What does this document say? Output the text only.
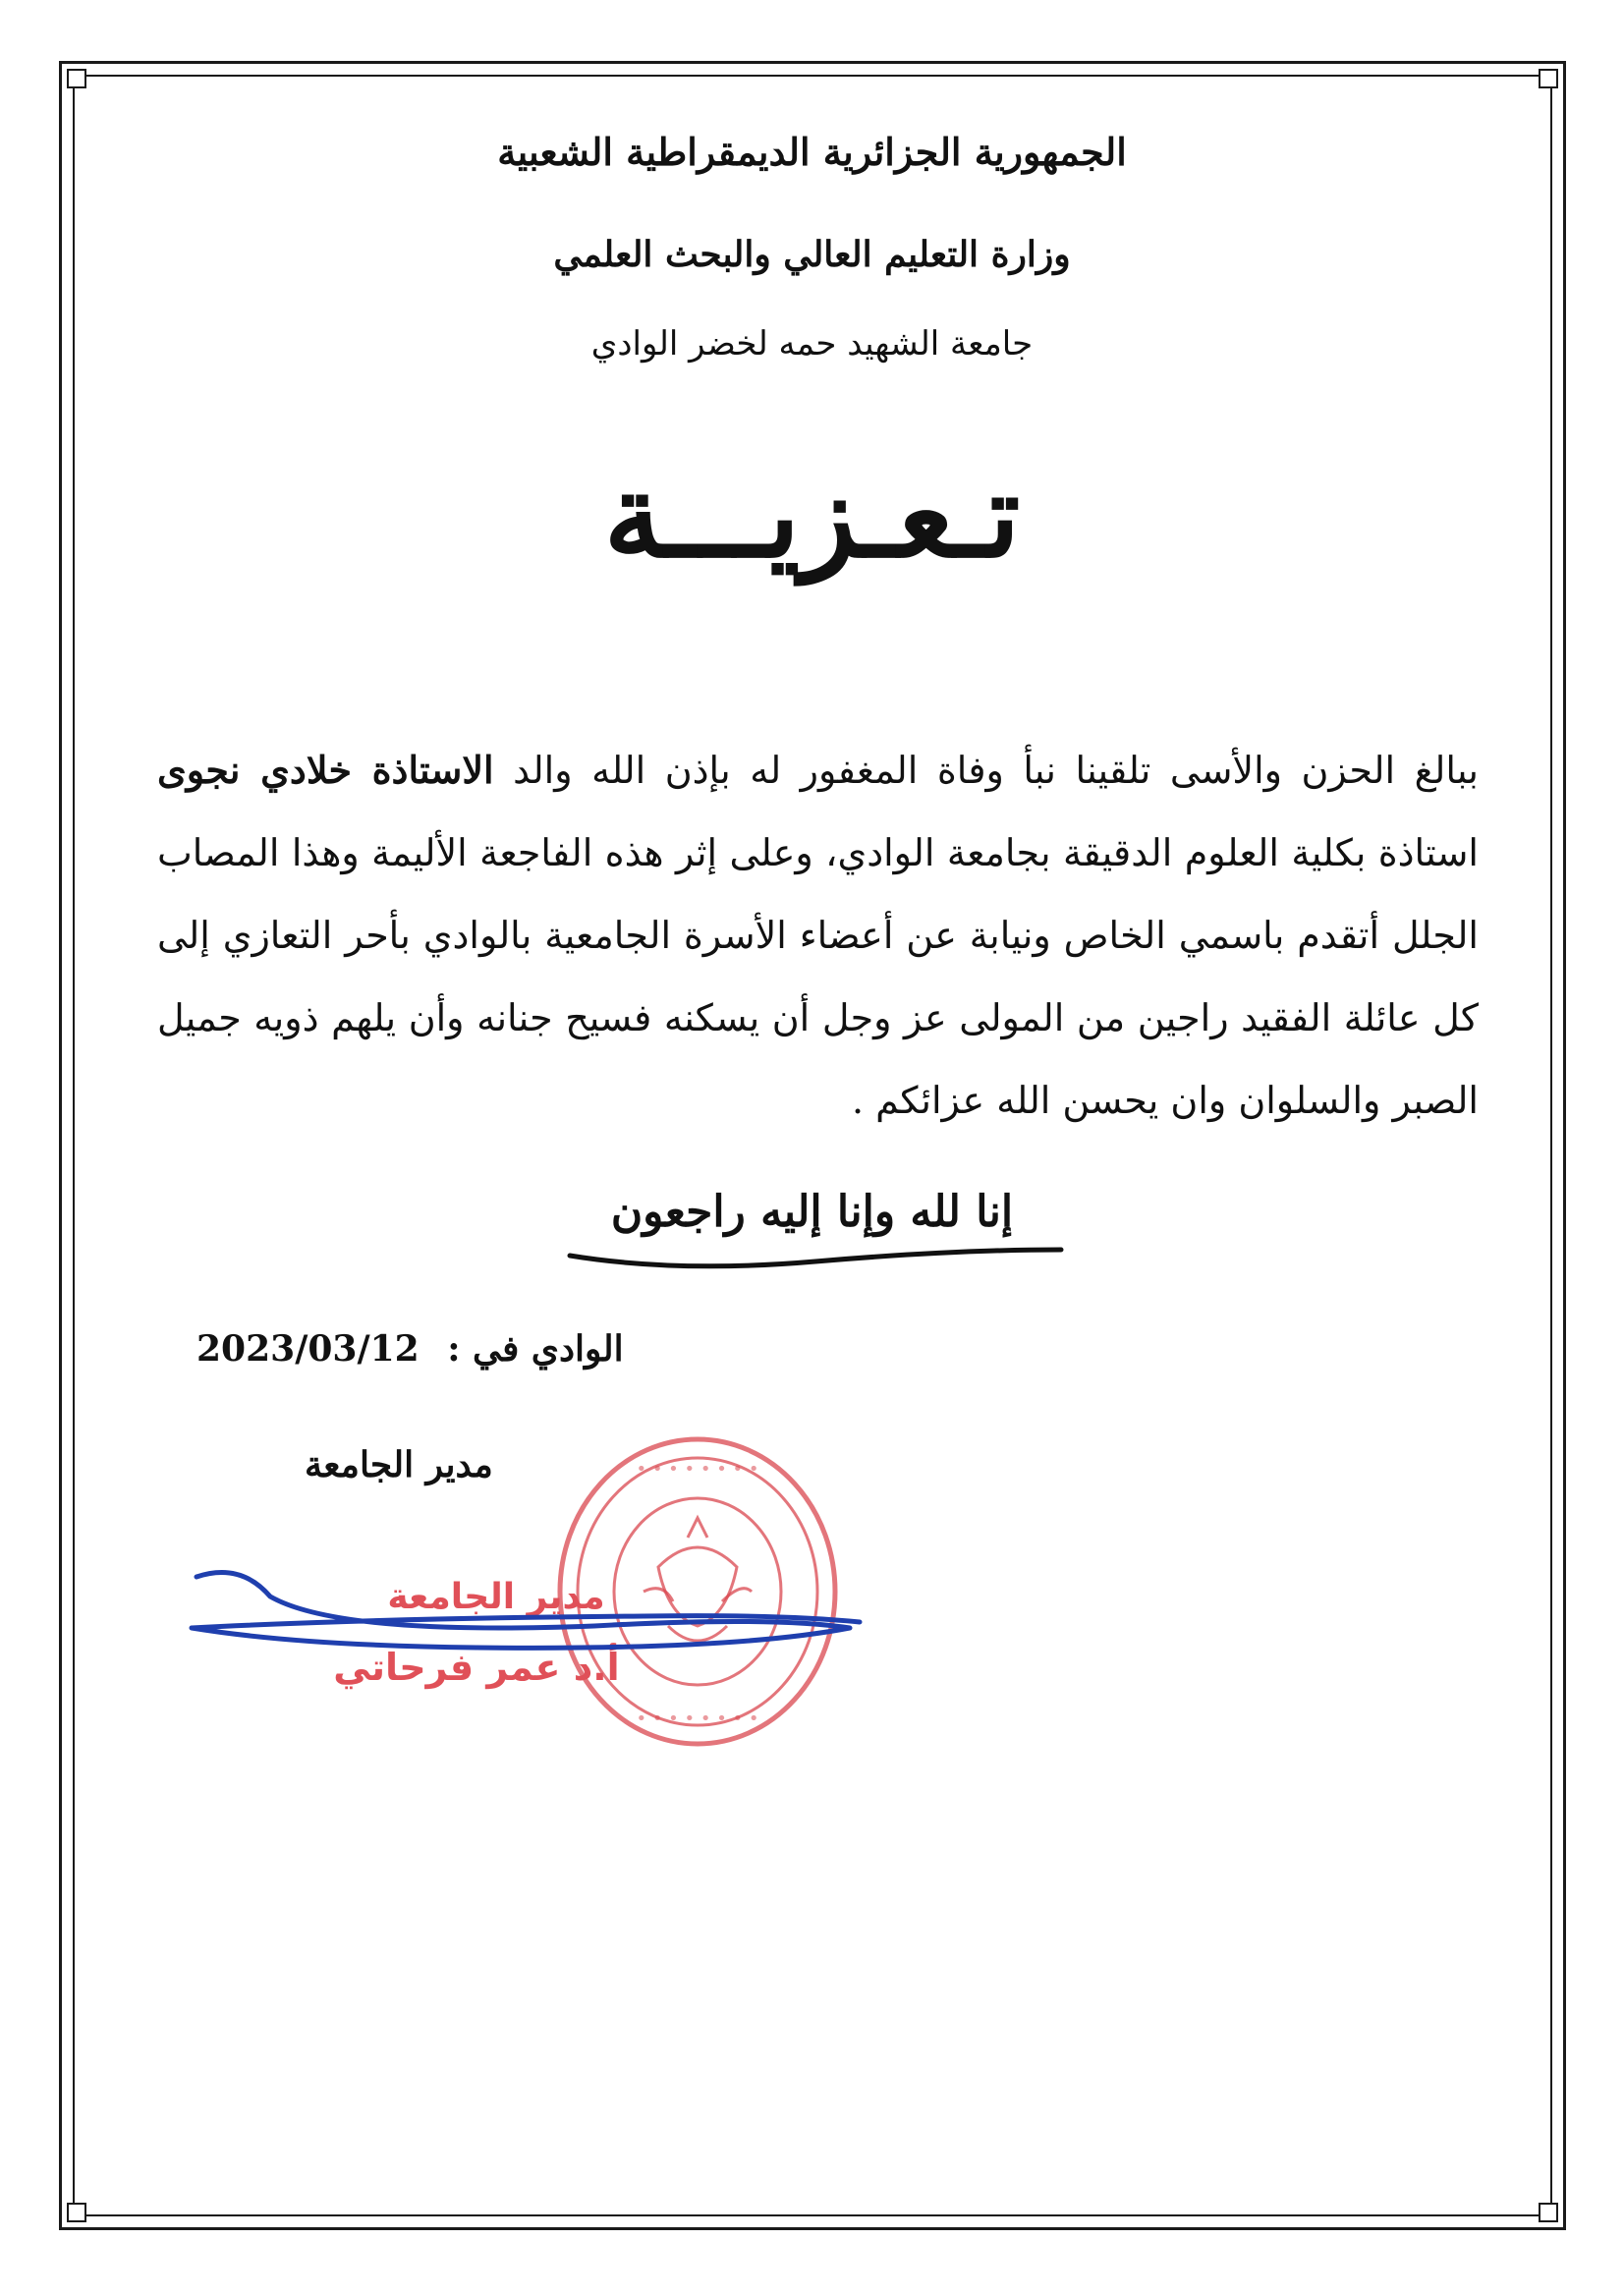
الجمهورية الجزائرية الديمقراطية الشعبية
وزارة التعليم العالي والبحث العلمي
جامعة الشهيد حمه لخضر الوادي
تـعـزيـــة
ببالغ الحزن والأسى تلقينا نبأ وفاة المغفور له بإذن الله والد الاستاذة خلادي نجوى استاذة بكلية العلوم الدقيقة بجامعة الوادي، وعلى إثر هذه الفاجعة الأليمة وهذا المصاب الجلل أتقدم باسمي الخاص ونيابة عن أعضاء الأسرة الجامعية بالوادي بأحر التعازي إلى كل عائلة الفقيد راجين من المولى عز وجل أن يسكنه فسيح جنانه وأن يلهم ذويه جميل الصبر والسلوان وان يحسن الله عزائكم .
إنا لله وإنا إليه راجعون
الوادي في : 2023/03/12
مدير الجامعة	• • • • • • • •
• • • • • • • •
مدير الجامعة
أ.د عمر فرحاتي
